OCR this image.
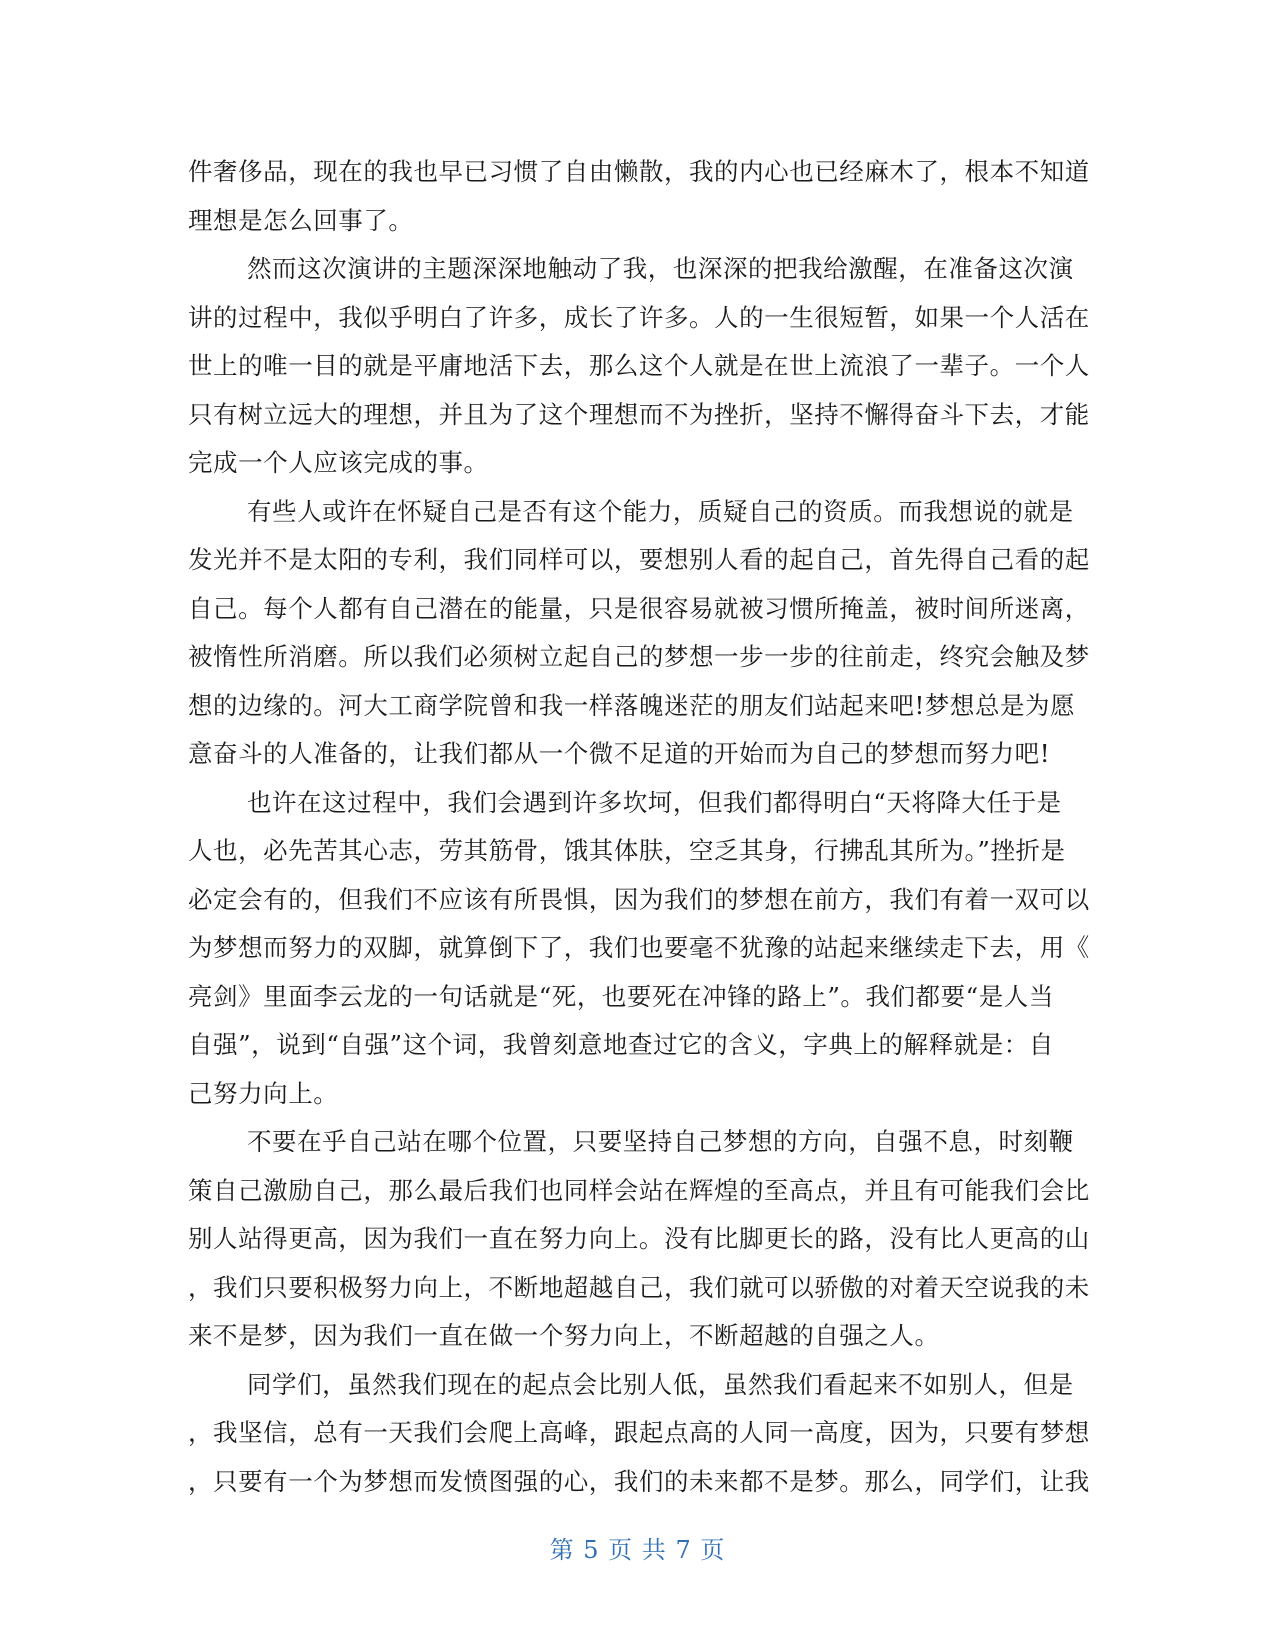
件奢侈品，现在的我也早已习惯了自由懒散，我的内心也已经麻木了，根本不知道
理想是怎么回事了。
然而这次演讲的主题深深地触动了我，也深深的把我给激醒，在准备这次演
讲的过程中，我似乎明白了许多，成长了许多。人的一生很短暂，如果一个人活在
世上的唯一目的就是平庸地活下去，那么这个人就是在世上流浪了一辈子。一个人
只有树立远大的理想，并且为了这个理想而不为挫折，坚持不懈得奋斗下去，才能
完成一个人应该完成的事。
有些人或许在怀疑自己是否有这个能力，质疑自己的资质。而我想说的就是
发光并不是太阳的专利，我们同样可以，要想别人看的起自己，首先得自己看的起
自己。每个人都有自己潜在的能量，只是很容易就被习惯所掩盖，被时间所迷离，
被惰性所消磨。所以我们必须树立起自己的梦想一步一步的往前走，终究会触及梦
想的边缘的。河大工商学院曾和我一样落魄迷茫的朋友们站起来吧!梦想总是为愿
意奋斗的人准备的，让我们都从一个微不足道的开始而为自己的梦想而努力吧!
也许在这过程中，我们会遇到许多坎坷，但我们都得明白“天将降大任于是
人也，必先苦其心志，劳其筋骨，饿其体肤，空乏其身，行拂乱其所为。”挫折是
必定会有的，但我们不应该有所畏惧，因为我们的梦想在前方，我们有着一双可以
为梦想而努力的双脚，就算倒下了，我们也要毫不犹豫的站起来继续走下去，用《
亮剑》里面李云龙的一句话就是“死，也要死在冲锋的路上”。我们都要“是人当
自强”，说到“自强”这个词，我曾刻意地查过它的含义，字典上的解释就是：自
己努力向上。
不要在乎自己站在哪个位置，只要坚持自己梦想的方向，自强不息，时刻鞭
策自己激励自己，那么最后我们也同样会站在辉煌的至高点，并且有可能我们会比
别人站得更高，因为我们一直在努力向上。没有比脚更长的路，没有比人更高的山
，我们只要积极努力向上，不断地超越自己，我们就可以骄傲的对着天空说我的未
来不是梦，因为我们一直在做一个努力向上，不断超越的自强之人。
同学们，虽然我们现在的起点会比别人低，虽然我们看起来不如别人，但是
，我坚信，总有一天我们会爬上高峰，跟起点高的人同一高度，因为，只要有梦想
，只要有一个为梦想而发愤图强的心，我们的未来都不是梦。那么，同学们，让我
第 5 页 共 7 页
